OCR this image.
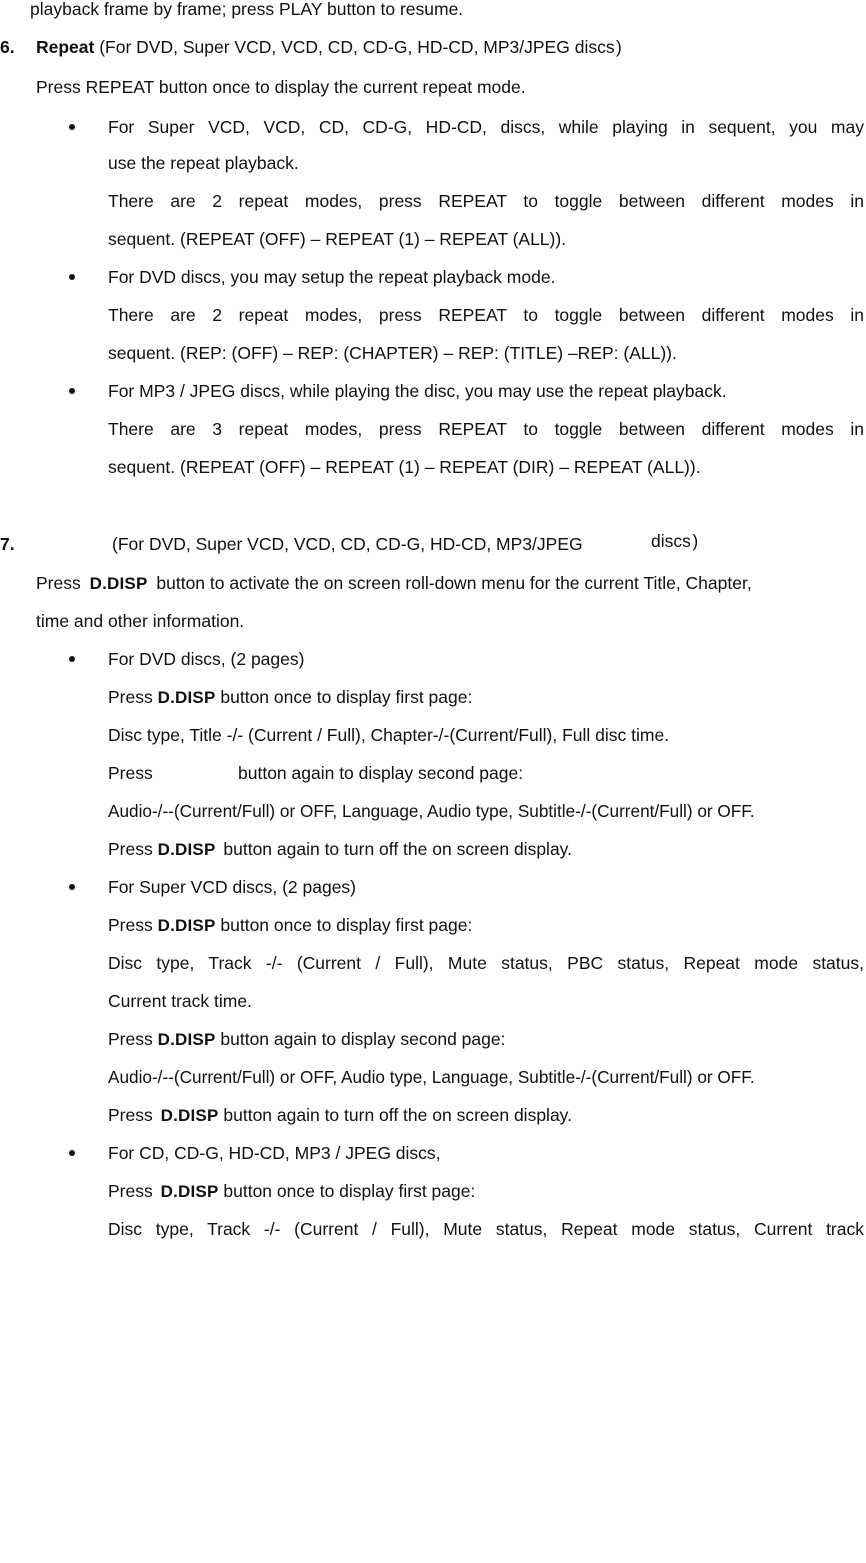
playback frame by frame; press PLAY button to resume.
6. Repeat (For DVD, Super VCD, VCD, CD, CD-G, HD-CD, MP3/JPEG discs )
Press REPEAT button once to display the current repeat mode.
For Super VCD, VCD, CD, CD-G, HD-CD, discs, while playing in sequent, you may
use the repeat playback.
There are 2 repeat modes, press REPEAT to toggle between different modes in
sequent. (REPEAT (OFF) – REPEAT (1) – REPEAT (ALL)).
For DVD discs, you may setup the repeat playback mode.
There are 2 repeat modes, press REPEAT to toggle between different modes in
sequent. (REP: (OFF) – REP: (CHAPTER) – REP: (TITLE) –REP: (ALL)).
For MP3 / JPEG discs, while playing the disc, you may use the repeat playback.
There are 3 repeat modes, press REPEAT to toggle between different modes in
sequent. (REPEAT (OFF) – REPEAT (1) – REPEAT (DIR) – REPEAT (ALL)).
7.	(For DVD, Super VCD, VCD, CD, CD-G, HD-CD, MP3/JPEG	discs )
Press D.DISP button to activate the on screen roll-down menu for the current Title, Chapter,
time and other information.
For DVD discs, (2 pages)
Press D.DISP button once to display first page:
Disc type, Title -/- (Current / Full), Chapter-/-(Current/Full), Full disc time.
Press	button again to display second page:
Audio-/--(Current/Full) or OFF, Language, Audio type, Subtitle-/-(Current/Full) or OFF.
Press D.DISP button again to turn off the on screen display.
For Super VCD discs, (2 pages)
Press D.DISP button once to display first page:
Disc type, Track -/- (Current / Full), Mute status, PBC status, Repeat mode status,
Current track time.
Press D.DISP button again to display second page:
Audio-/--(Current/Full) or OFF, Audio type, Language, Subtitle-/-(Current/Full) or OFF.
Press D.DISP button again to turn off the on screen display.
For CD, CD-G, HD-CD, MP3 / JPEG discs,
Press D.DISP button once to display first page:
Disc type, Track -/- (Current / Full), Mute status, Repeat mode status, Current track
